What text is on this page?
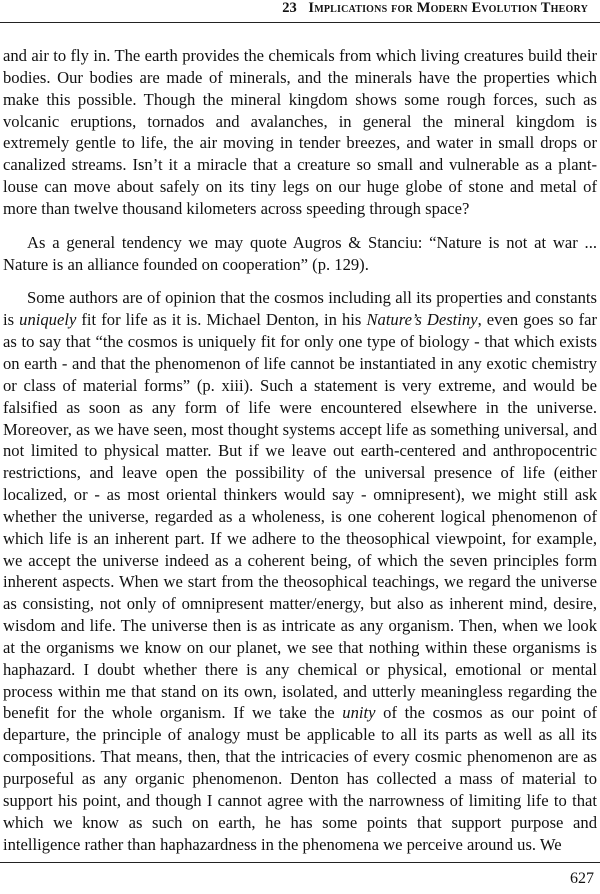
23 Implications for Modern Evolution Theory

and air to fly in. The earth provides the chemicals from which living creatures build their bodies. Our bodies are made of minerals, and the minerals have the properties which make this possible. Though the mineral kingdom shows some rough forces, such as volcanic eruptions, tornados and avalanches, in general the mineral kingdom is extremely gentle to life, the air moving in tender breezes, and water in small drops or canalized streams. Isn’t it a miracle that a creature so small and vulnerable as a plant-louse can move about safely on its tiny legs on our huge globe of stone and metal of more than twelve thousand kilometers across speeding through space?

As a general tendency we may quote Augros & Stanciu: “Nature is not at war ... Nature is an alliance founded on cooperation” (p. 129).

Some authors are of opinion that the cosmos including all its properties and constants is uniquely fit for life as it is. Michael Denton, in his Nature’s Destiny, even goes so far as to say that “the cosmos is uniquely fit for only one type of biology - that which exists on earth - and that the phenomenon of life cannot be instantiated in any exotic chemistry or class of material forms” (p. xiii). Such a statement is very extreme, and would be falsified as soon as any form of life were encountered elsewhere in the universe. Moreover, as we have seen, most thought systems accept life as something universal, and not limited to physical matter. But if we leave out earth-centered and anthropocentric restrictions, and leave open the possibility of the universal presence of life (either localized, or - as most oriental thinkers would say - omnipresent), we might still ask whether the universe, regarded as a wholeness, is one coherent logical phenomenon of which life is an inherent part. If we adhere to the theosophical viewpoint, for example, we accept the universe indeed as a coherent being, of which the seven principles form inherent aspects. When we start from the theosophical teachings, we regard the universe as consisting, not only of omnipresent matter/energy, but also as inherent mind, desire, wisdom and life. The universe then is as intricate as any organism. Then, when we look at the organisms we know on our planet, we see that nothing within these organisms is haphazard. I doubt whether there is any chemical or physical, emotional or mental process within me that stand on its own, isolated, and utterly meaningless regarding the benefit for the whole organism. If we take the unity of the cosmos as our point of departure, the principle of analogy must be applicable to all its parts as well as all its compositions. That means, then, that the intricacies of every cosmic phenomenon are as purposeful as any organic phenomenon. Denton has collected a mass of material to support his point, and though I cannot agree with the narrowness of limiting life to that which we know as such on earth, he has some points that support purpose and intelligence rather than haphazardness in the phenomena we perceive around us. We

627
